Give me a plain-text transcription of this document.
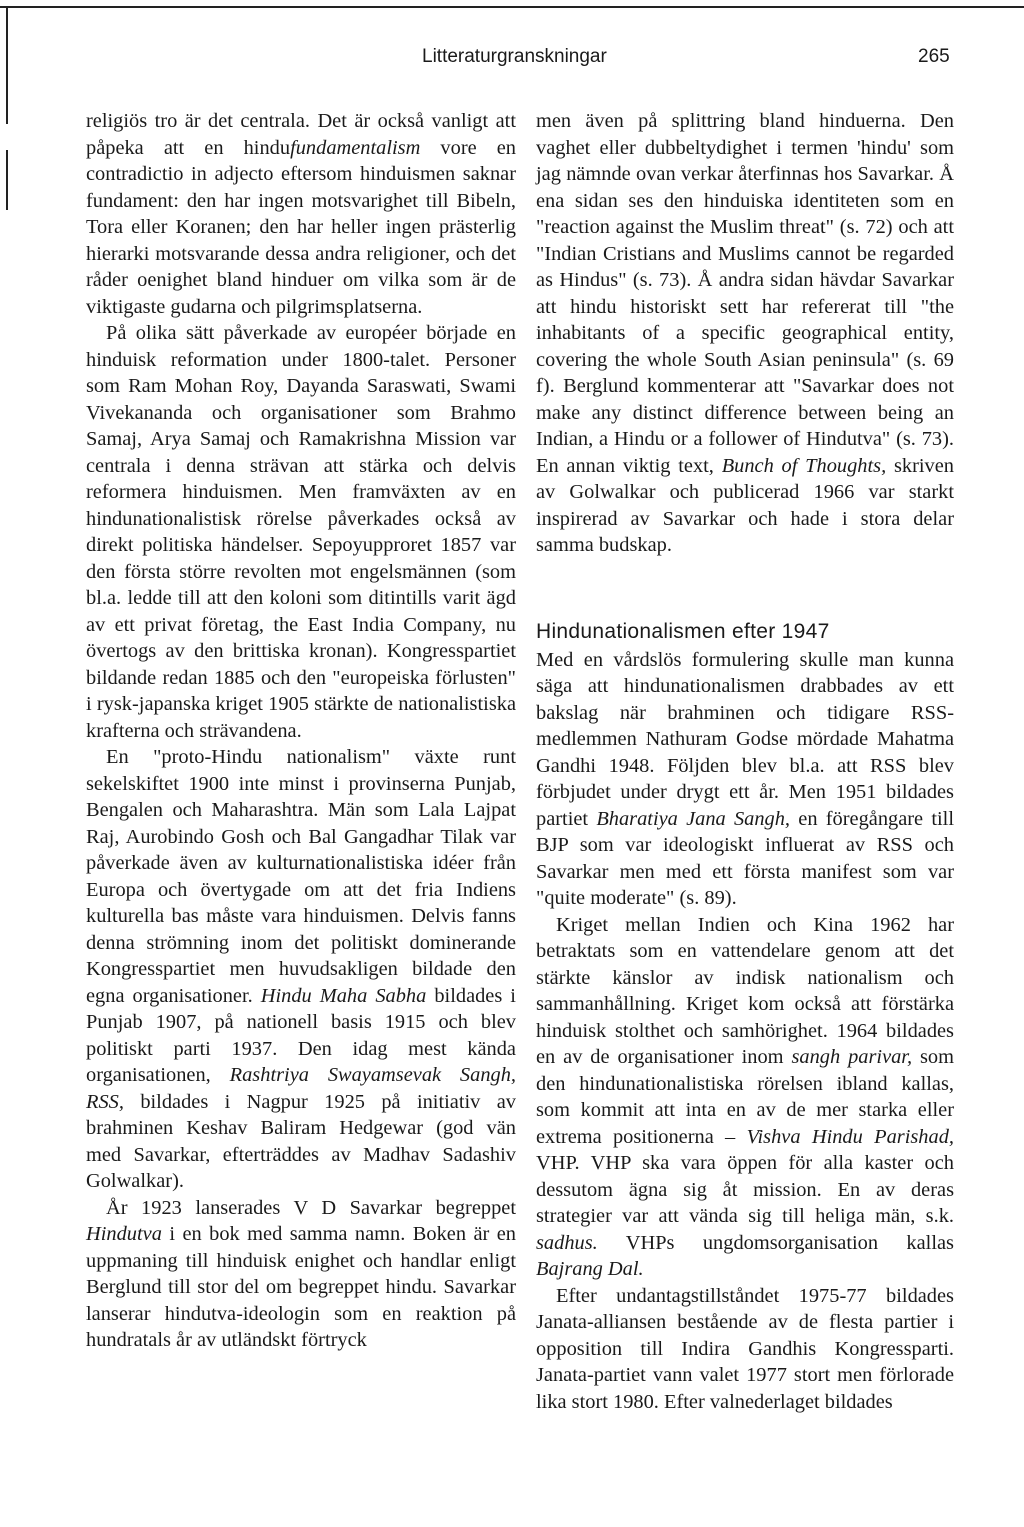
Litteraturgranskningar	265

religiös tro är det centrala. Det är också vanligt att påpeka att en hindufundamentalism vore en contradictio in adjecto eftersom hinduismen saknar fundament: den har ingen motsvarighet till Bibeln, Tora eller Koranen; den har heller ingen prästerlig hierarki motsvarande dessa andra religioner, och det råder oenighet bland hinduer om vilka som är de viktigaste gudarna och pilgrimsplatserna.

På olika sätt påverkade av européer började en hinduisk reformation under 1800-talet. Personer som Ram Mohan Roy, Dayanda Saraswati, Swami Vivekananda och organisationer som Brahmo Samaj, Arya Samaj och Ramakrishna Mission var centrala i denna strävan att stärka och delvis reformera hinduismen. Men framväxten av en hindunationalistisk rörelse påverkades också av direkt politiska händelser. Sepoyupproret 1857 var den första större revolten mot engelsmännen (som bl.a. ledde till att den koloni som ditintills varit ägd av ett privat företag, the East India Company, nu övertogs av den brittiska kronan). Kongresspartiet bildande redan 1885 och den "europeiska förlusten" i rysk-japanska kriget 1905 stärkte de nationalistiska krafterna och strävandena.

En "proto-Hindu nationalism" växte runt sekelskiftet 1900 inte minst i provinserna Punjab, Bengalen och Maharashtra. Män som Lala Lajpat Raj, Aurobindo Gosh och Bal Gangadhar Tilak var påverkade även av kulturnationalistiska idéer från Europa och övertygade om att det fria Indiens kulturella bas måste vara hinduismen. Delvis fanns denna strömning inom det politiskt dominerande Kongresspartiet men huvudsakligen bildade den egna organisationer. Hindu Maha Sabha bildades i Punjab 1907, på nationell basis 1915 och blev politiskt parti 1937. Den idag mest kända organisationen, Rashtriya Swayamsevak Sangh, RSS, bildades i Nagpur 1925 på initiativ av brahminen Keshav Baliram Hedgewar (god vän med Savarkar, efterträddes av Madhav Sadashiv Golwalkar).

År 1923 lanserades V D Savarkar begreppet Hindutva i en bok med samma namn. Boken är en uppmaning till hinduisk enighet och handlar enligt Berglund till stor del om begreppet hindu. Savarkar lanserar hindutva-ideologin som en reaktion på hundratals år av utländskt förtryck

men även på splittring bland hinduerna. Den vaghet eller dubbeltydighet i termen 'hindu' som jag nämnde ovan verkar återfinnas hos Savarkar. Å ena sidan ses den hinduiska identiteten som en "reaction against the Muslim threat" (s. 72) och att "Indian Cristians and Muslims cannot be regarded as Hindus" (s. 73). Å andra sidan hävdar Savarkar att hindu historiskt sett har refererat till "the inhabitants of a specific geographical entity, covering the whole South Asian peninsula" (s. 69 f). Berglund kommenterar att "Savarkar does not make any distinct difference between being an Indian, a Hindu or a follower of Hindutva" (s. 73). En annan viktig text, Bunch of Thoughts, skriven av Golwalkar och publicerad 1966 var starkt inspirerad av Savarkar och hade i stora delar samma budskap.

Hindunationalismen efter 1947

Med en vårdslös formulering skulle man kunna säga att hindunationalismen drabbades av ett bakslag när brahminen och tidigare RSS-medlemmen Nathuram Godse mördade Mahatma Gandhi 1948. Följden blev bl.a. att RSS blev förbjudet under drygt ett år. Men 1951 bildades partiet Bharatiya Jana Sangh, en föregångare till BJP som var ideologiskt influerat av RSS och Savarkar men med ett första manifest som var "quite moderate" (s. 89).

Kriget mellan Indien och Kina 1962 har betraktats som en vattendelare genom att det stärkte känslor av indisk nationalism och sammanhållning. Kriget kom också att förstärka hinduisk stolthet och samhörighet. 1964 bildades en av de organisationer inom sangh parivar, som den hindunationalistiska rörelsen ibland kallas, som kommit att inta en av de mer starka eller extrema positionerna – Vishva Hindu Parishad, VHP. VHP ska vara öppen för alla kaster och dessutom ägna sig åt mission. En av deras strategier var att vända sig till heliga män, s.k. sadhus. VHPs ungdomsorganisation kallas Bajrang Dal.

Efter undantagstillståndet 1975-77 bildades Janata-alliansen bestående av de flesta partier i opposition till Indira Gandhis Kongressparti. Janata-partiet vann valet 1977 stort men förlorade lika stort 1980. Efter valnederlaget bildades
